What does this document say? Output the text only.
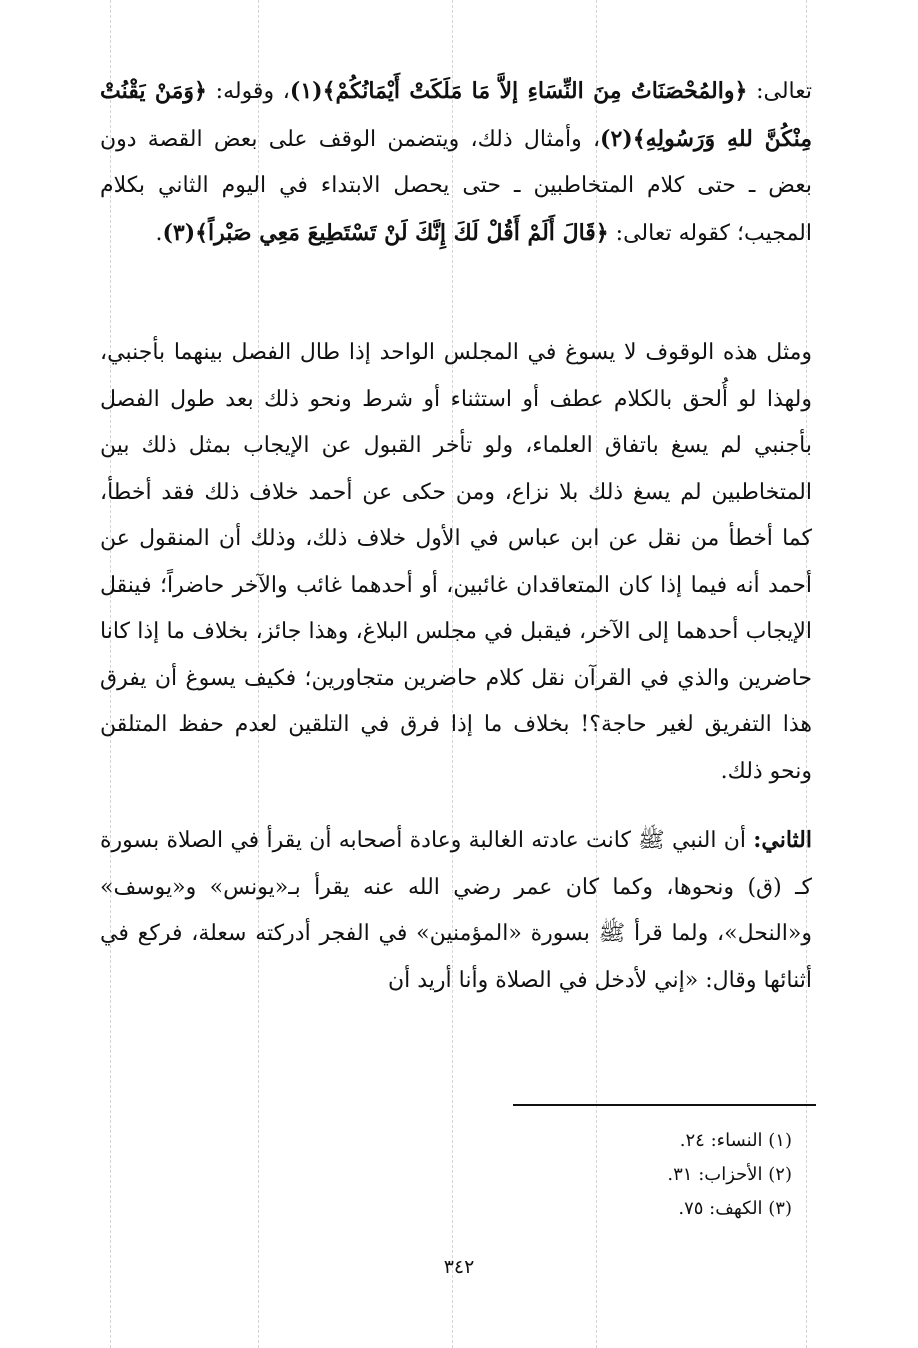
تعالى: ﴿والمُحْصَنَاتُ مِنَ النِّسَاءِ إلاَّ مَا مَلَكَتْ أَيْمَانُكُمْ﴾(١)، وقوله: ﴿وَمَنْ يَقْنُتْ مِنْكُنَّ للهِ وَرَسُولِهِ﴾(٢)، وأمثال ذلك، ويتضمن الوقف على بعض القصة دون بعض ـ حتى كلام المتخاطبين ـ حتى يحصل الابتداء في اليوم الثاني بكلام المجيب؛ كقوله تعالى: ﴿قَالَ أَلَمْ أَقُلْ لَكَ إِنَّكَ لَنْ تَسْتَطِيعَ مَعِي صَبْراً﴾(٣).

ومثل هذه الوقوف لا يسوغ في المجلس الواحد إذا طال الفصل بينهما بأجنبي، ولهذا لو أُلحق بالكلام عطف أو استثناء أو شرط ونحو ذلك بعد طول الفصل بأجنبي لم يسغ باتفاق العلماء، ولو تأخر القبول عن الإيجاب بمثل ذلك بين المتخاطبين لم يسغ ذلك بلا نزاع، ومن حكى عن أحمد خلاف ذلك فقد أخطأ، كما أخطأ من نقل عن ابن عباس في الأول خلاف ذلك، وذلك أن المنقول عن أحمد أنه فيما إذا كان المتعاقدان غائبين، أو أحدهما غائب والآخر حاضراً؛ فينقل الإيجاب أحدهما إلى الآخر، فيقبل في مجلس البلاغ، وهذا جائز، بخلاف ما إذا كانا حاضرين والذي في القرآن نقل كلام حاضرين متجاورين؛ فكيف يسوغ أن يفرق هذا التفريق لغير حاجة؟! بخلاف ما إذا فرق في التلقين لعدم حفظ المتلقن ونحو ذلك.

الثاني: أن النبي ﷺ كانت عادته الغالبة وعادة أصحابه أن يقرأ في الصلاة بسورة كـ (ق) ونحوها، وكما كان عمر رضي الله عنه يقرأ بـ«يونس» و«يوسف» و«النحل»، ولما قرأ ﷺ بسورة «المؤمنين» في الفجر أدركته سعلة، فركع في أثنائها وقال: «إني لأدخل في الصلاة وأنا أريد أن

(١) النساء: ٢٤.
(٢) الأحزاب: ٣١.
(٣) الكهف: ٧٥.
٣٤٢
